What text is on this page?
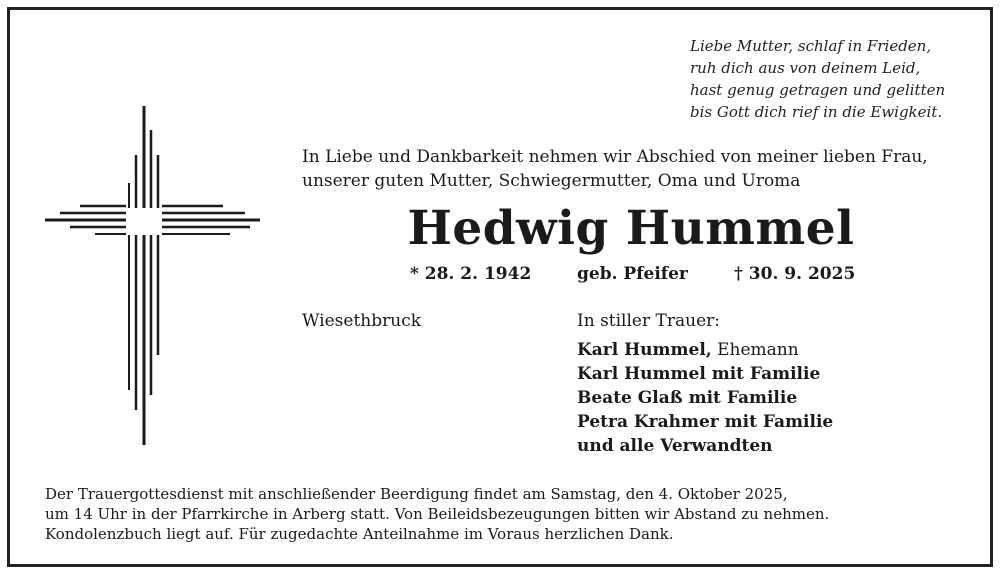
Liebe Mutter, schlaf in Frieden,
ruh dich aus von deinem Leid,
hast genug getragen und gelitten
bis Gott dich rief in die Ewigkeit.
In Liebe und Dankbarkeit nehmen wir Abschied von meiner lieben Frau,
unserer guten Mutter, Schwiegermutter, Oma und Uroma
Hedwig Hummel
* 28. 2. 1942	geb. Pfeifer	† 30. 9. 2025
Wiesethbruck	In stiller Trauer:
Karl Hummel, Ehemann
Karl Hummel mit Familie
Beate Glaß mit Familie
Petra Krahmer mit Familie
und alle Verwandten
Der Trauergottesdienst mit anschließender Beerdigung findet am Samstag, den 4. Oktober 2025,
um 14 Uhr in der Pfarrkirche in Arberg statt. Von Beileidsbezeugungen bitten wir Abstand zu nehmen.
Kondolenzbuch liegt auf. Für zugedachte Anteilnahme im Voraus herzlichen Dank.
